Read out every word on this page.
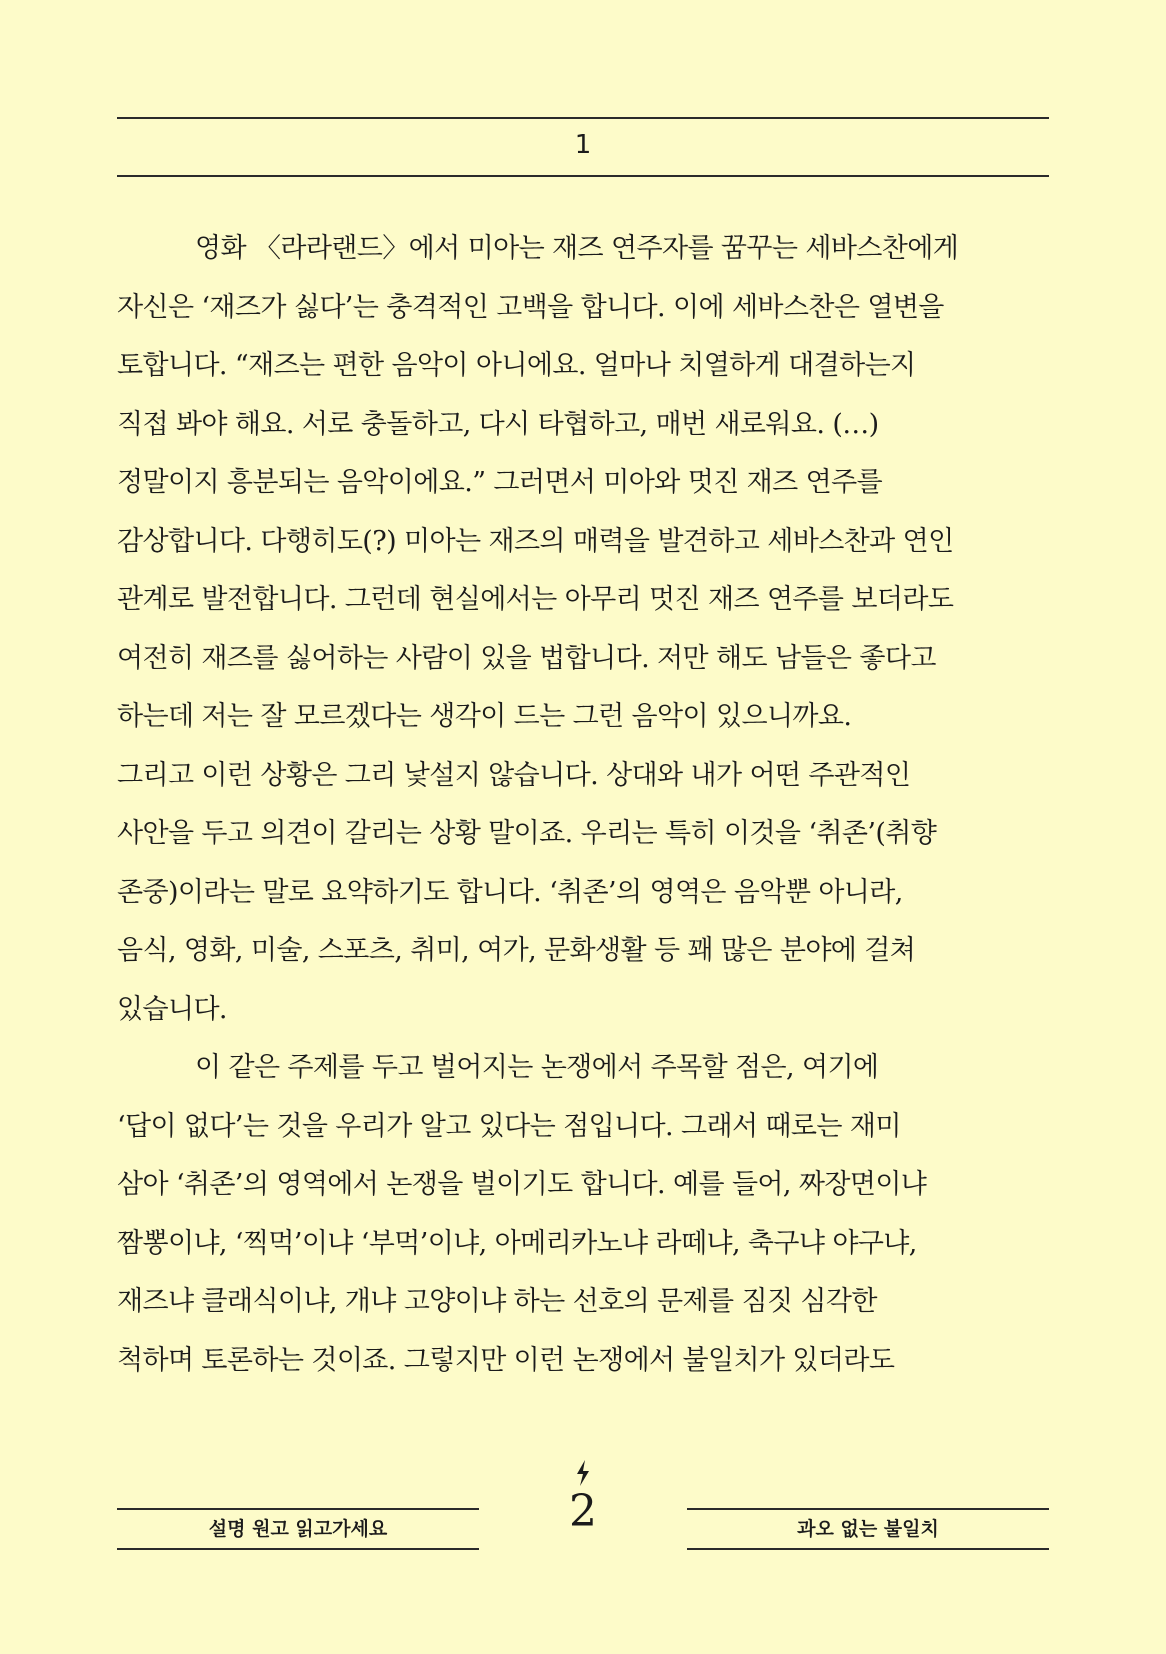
1

영화 〈라라랜드〉에서 미아는 재즈 연주자를 꿈꾸는 세바스찬에게
자신은 ‘재즈가 싫다’는 충격적인 고백을 합니다. 이에 세바스찬은 열변을
토합니다. “재즈는 편한 음악이 아니에요. 얼마나 치열하게 대결하는지
직접 봐야 해요. 서로 충돌하고, 다시 타협하고, 매번 새로워요. (…)
정말이지 흥분되는 음악이에요.” 그러면서 미아와 멋진 재즈 연주를
감상합니다. 다행히도(?) 미아는 재즈의 매력을 발견하고 세바스찬과 연인
관계로 발전합니다. 그런데 현실에서는 아무리 멋진 재즈 연주를 보더라도
여전히 재즈를 싫어하는 사람이 있을 법합니다. 저만 해도 남들은 좋다고
하는데 저는 잘 모르겠다는 생각이 드는 그런 음악이 있으니까요.
그리고 이런 상황은 그리 낯설지 않습니다. 상대와 내가 어떤 주관적인
사안을 두고 의견이 갈리는 상황 말이죠. 우리는 특히 이것을 ‘취존’(취향
존중)이라는 말로 요약하기도 합니다. ‘취존’의 영역은 음악뿐 아니라,
음식, 영화, 미술, 스포츠, 취미, 여가, 문화생활 등 꽤 많은 분야에 걸쳐
있습니다.

이 같은 주제를 두고 벌어지는 논쟁에서 주목할 점은, 여기에
‘답이 없다’는 것을 우리가 알고 있다는 점입니다. 그래서 때로는 재미
삼아 ‘취존’의 영역에서 논쟁을 벌이기도 합니다. 예를 들어, 짜장면이냐
짬뽕이냐, ‘찍먹’이냐 ‘부먹’이냐, 아메리카노냐 라떼냐, 축구냐 야구냐,
재즈냐 클래식이냐, 개냐 고양이냐 하는 선호의 문제를 짐짓 심각한
척하며 토론하는 것이죠. 그렇지만 이런 논쟁에서 불일치가 있더라도

설명 원고 읽고가세요	2	과오 없는 불일치
